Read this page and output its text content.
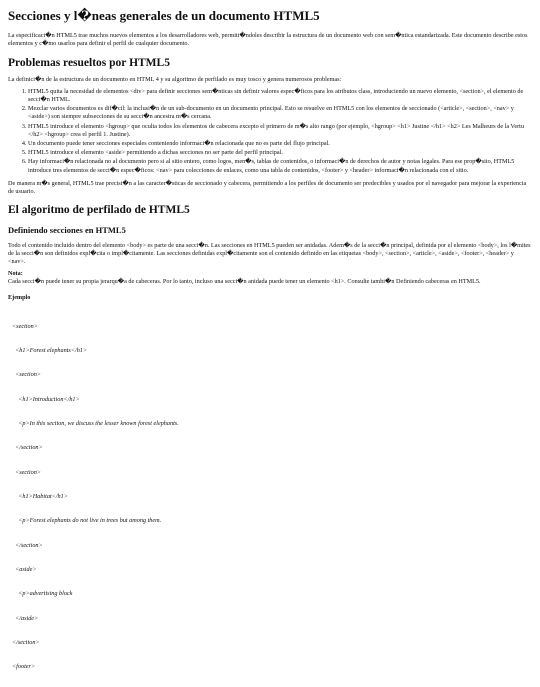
Secciones y l�neas generales de un documento HTML5

La especificaci�n HTML5 trae muchos nuevos elementos a los desarrolladores web, permiti�ndoles describir la estructura de un documento web con sem�ntica estandarizada. Este documento describe estos elementos y c�mo usarlos para definir el perfil de cualquier documento.

Problemas resueltos por HTML5

La definici�n de la estructura de un documento en HTML 4 y su algoritmo de perfilado es muy tosco y genera numerosos problemas:

1. HTML5 quita la necesidad de elementos <div> para definir secciones sem�nticas sin definir valores espec�ficos para los atributos class, introduciendo un nuevo elemento, <section>, el elemento de secci�n HTML.
2. Mezclar varios documentos es dif�cil: la inclusi�n de un sub-documento en un documento principal. Esto se resuelve en HTML5 con los elementos de seccionado (<article>, <section>, <nav> y <aside>) son siempre subsecciones de su secci�n ancestra m�s cercana.
3. HTML5 introduce el elemento <hgroup> que oculta todos los elementos de cabecera excepto el primero de m�s alto rango (por ejemplo, <hgroup> <h1> Justine </h1> <h2> Les Malheurs de la Vertu </h2> <hgroup> crea el perfil 1. Justine).
4. Un documento puede tener secciones especiales conteniendo informaci�n relacionada que no es parte del flujo principal.
5. HTML5 introduce el elemento <aside> permitiendo a dichas secciones no ser parte del perfil principal.
6. Hay informaci�n relacionada no al documento pero si al sitio entero, como logos, men�s, tablas de contenidos, o informaci�n de derechos de autor y notas legales. Para ese prop�sito, HTML5 introduce tres elementos de secci�n espec�ficos: <nav> para colecciones de enlaces, como una tabla de contenidos, <footer> y <header> informaci�n relacionada con el sitio.

De manera m�s general, HTML5 trae precisi�n a las caracter�sticas de seccionado y cabecera, permitiendo a los perfiles de documento ser predecibles y usados por el navegador para mejorar la experiencia de usuario.

El algoritmo de perfilado de HTML5
Definiendo secciones en HTML5

Todo el contenido incluido dentro del elemento <body> es parte de una secci�n. Las secciones en HTML5 pueden ser anidadas. Adem�s de la secci�n principal, definida por el elemento <body>, los l�mites de la secci�n son definidos expl�cita o impl�citamente. Las secciones definidas expl�citamente son el contenido definido en las etiquetas <body>, <section>, <article>, <aside>, <footer>, <header> y <nav>.

Nota:

Cada secci�n puede tener su propia jerarqu�a de cabeceras. Por lo tanto, incluso una secci�n anidada puede tener un elemento <h1>. Consulte tambi�n Definiendo cabeceras en HTML5.

Ejemplo

<section>

<h1>Forest elephants</h1>

<section>

<h1>Introduction</h1>

<p>In this section, we discuss the lesser known forest elephants.

</section>

<section>

<h1>Habitat</h1>

<p>Forest elephants do not live in trees but among them.

</section>

<aside>

<p>advertising block

</aside>

</section>

<footer>
